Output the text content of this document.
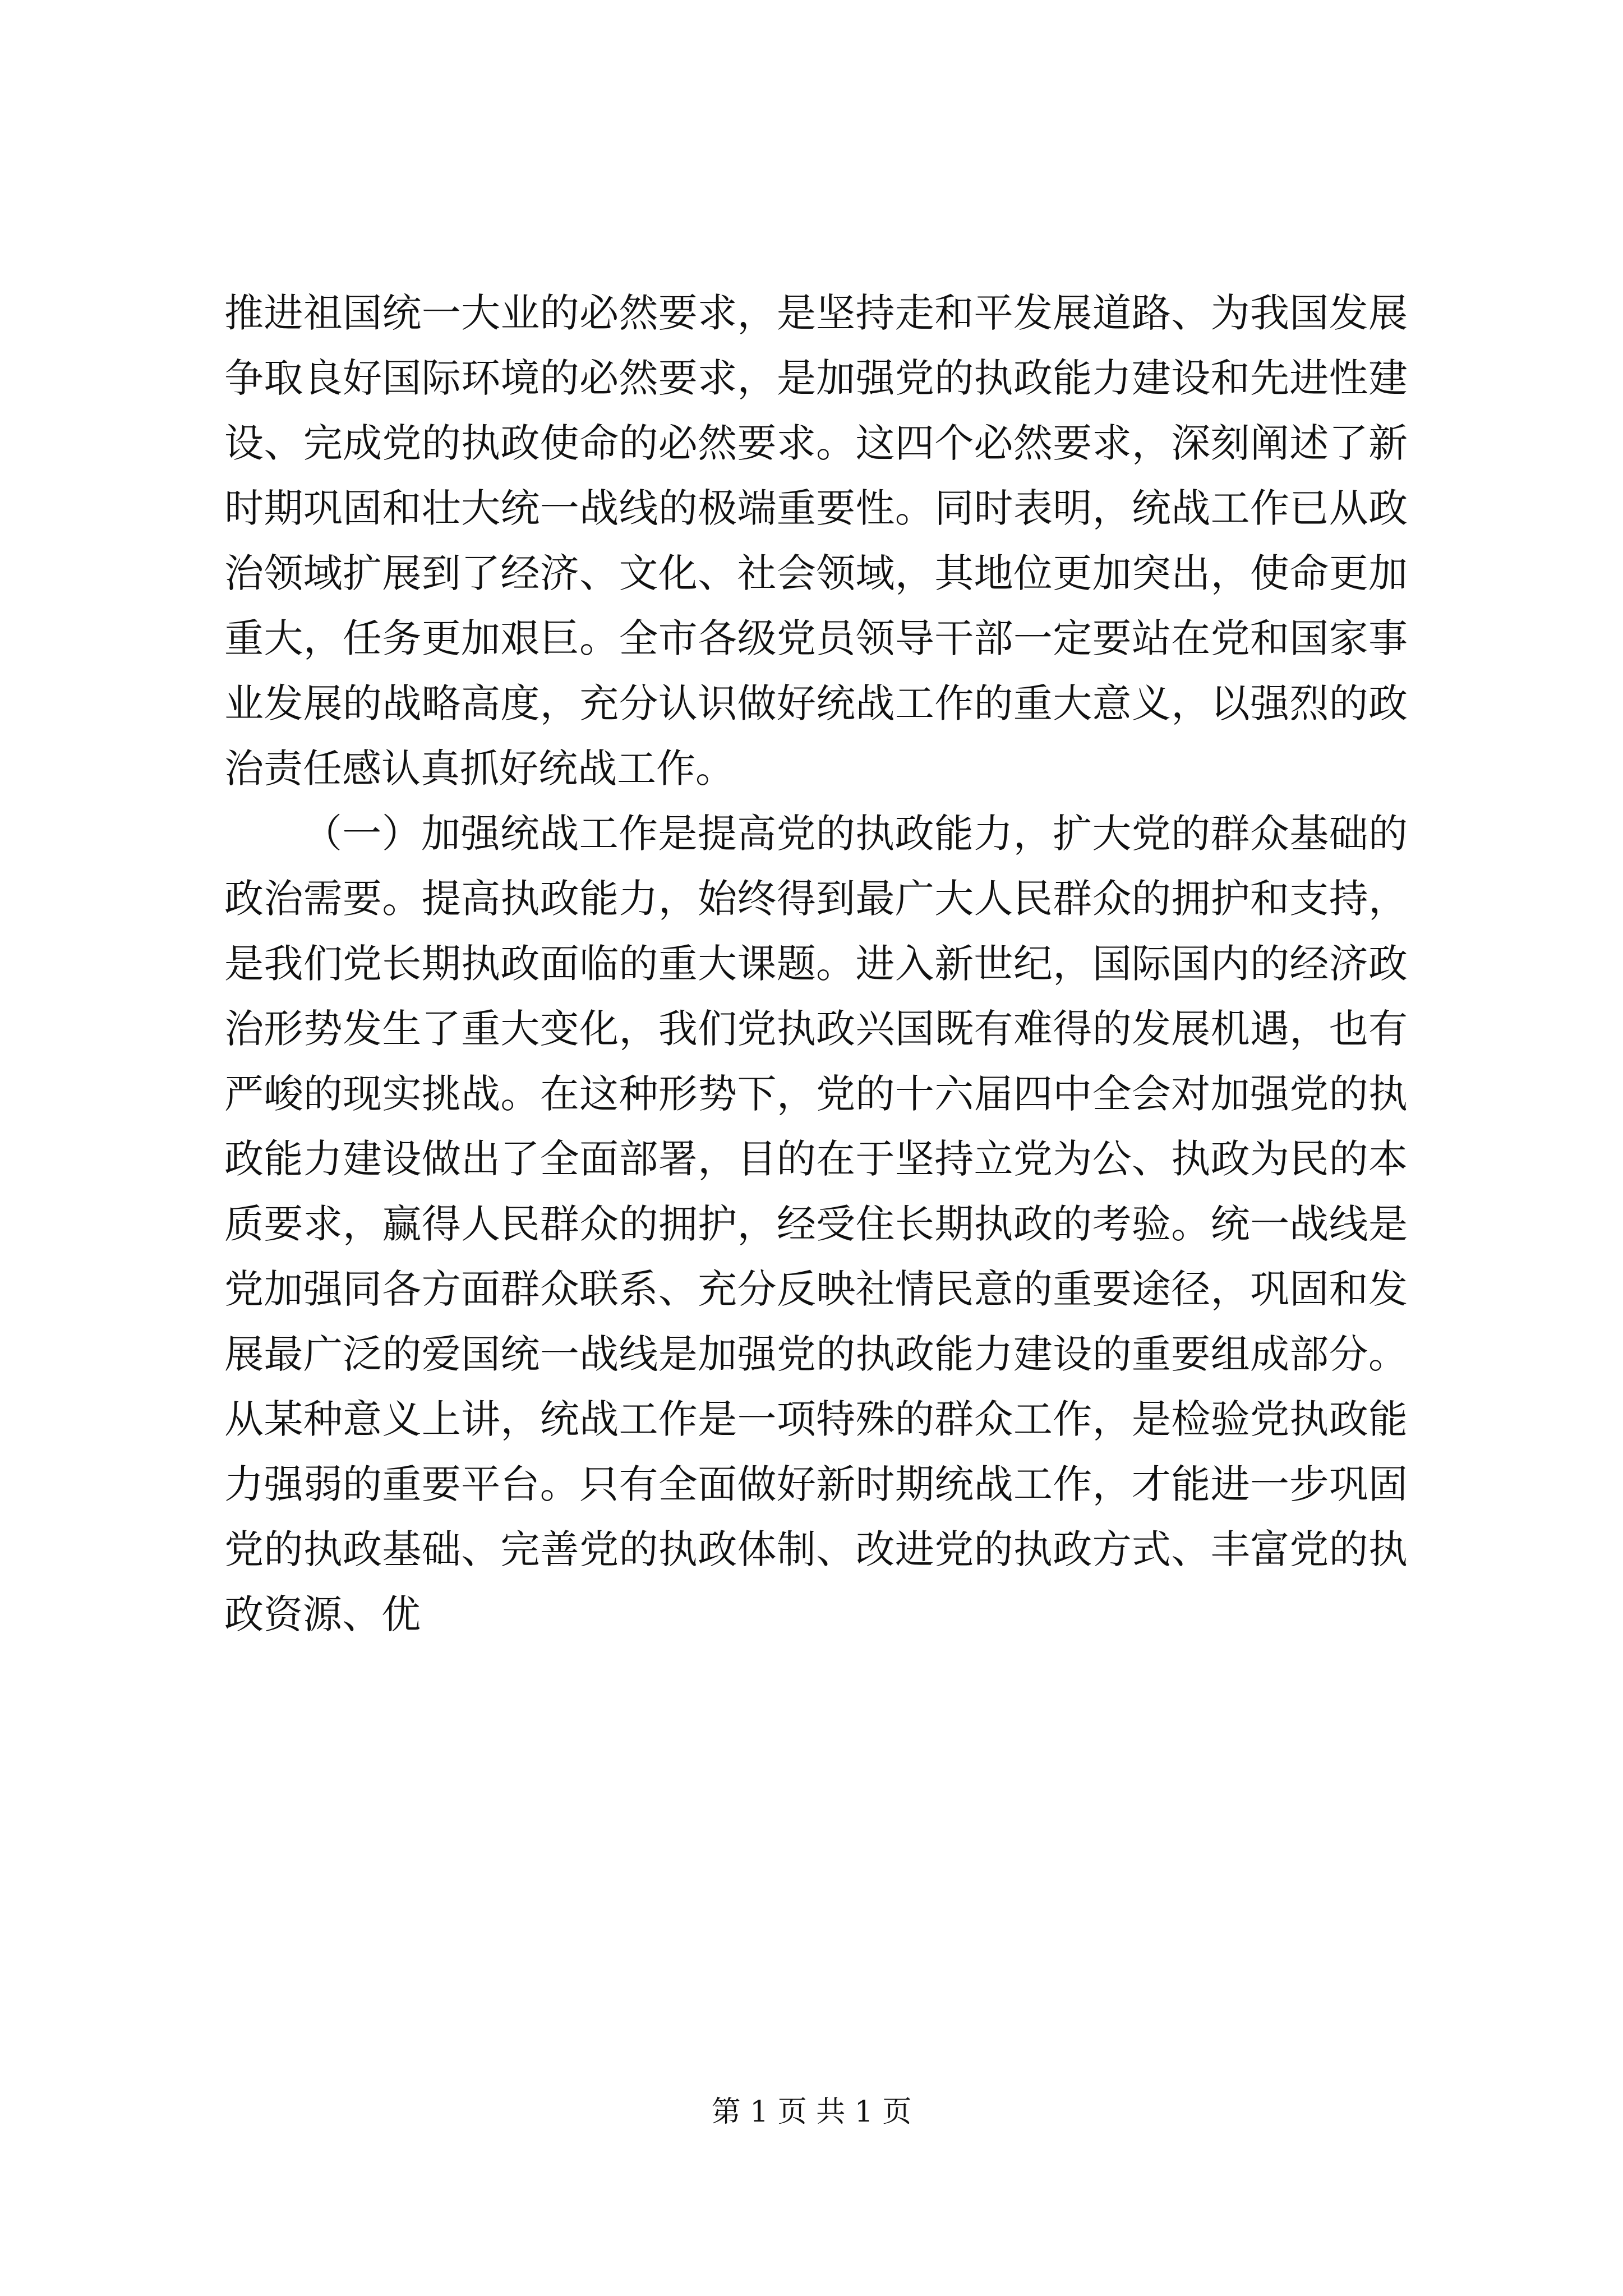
推进祖国统一大业的必然要求，是坚持走和平发展道路、为我国发展争取良好国际环境的必然要求，是加强党的执政能力建设和先进性建设、完成党的执政使命的必然要求。这四个必然要求，深刻阐述了新时期巩固和壮大统一战线的极端重要性。同时表明，统战工作已从政治领域扩展到了经济、文化、社会领域，其地位更加突出，使命更加重大，任务更加艰巨。全市各级党员领导干部一定要站在党和国家事业发展的战略高度，充分认识做好统战工作的重大意义，以强烈的政治责任感认真抓好统战工作。

（一）加强统战工作是提高党的执政能力，扩大党的群众基础的政治需要。提高执政能力，始终得到最广大人民群众的拥护和支持，是我们党长期执政面临的重大课题。进入新世纪，国际国内的经济政治形势发生了重大变化，我们党执政兴国既有难得的发展机遇，也有严峻的现实挑战。在这种形势下，党的十六届四中全会对加强党的执政能力建设做出了全面部署，目的在于坚持立党为公、执政为民的本质要求，赢得人民群众的拥护，经受住长期执政的考验。统一战线是党加强同各方面群众联系、充分反映社情民意的重要途径，巩固和发展最广泛的爱国统一战线是加强党的执政能力建设的重要组成部分。从某种意义上讲，统战工作是一项特殊的群众工作，是检验党执政能力强弱的重要平台。只有全面做好新时期统战工作，才能进一步巩固党的执政基础、完善党的执政体制、改进党的执政方式、丰富党的执政资源、优

第 1 页 共 1 页
